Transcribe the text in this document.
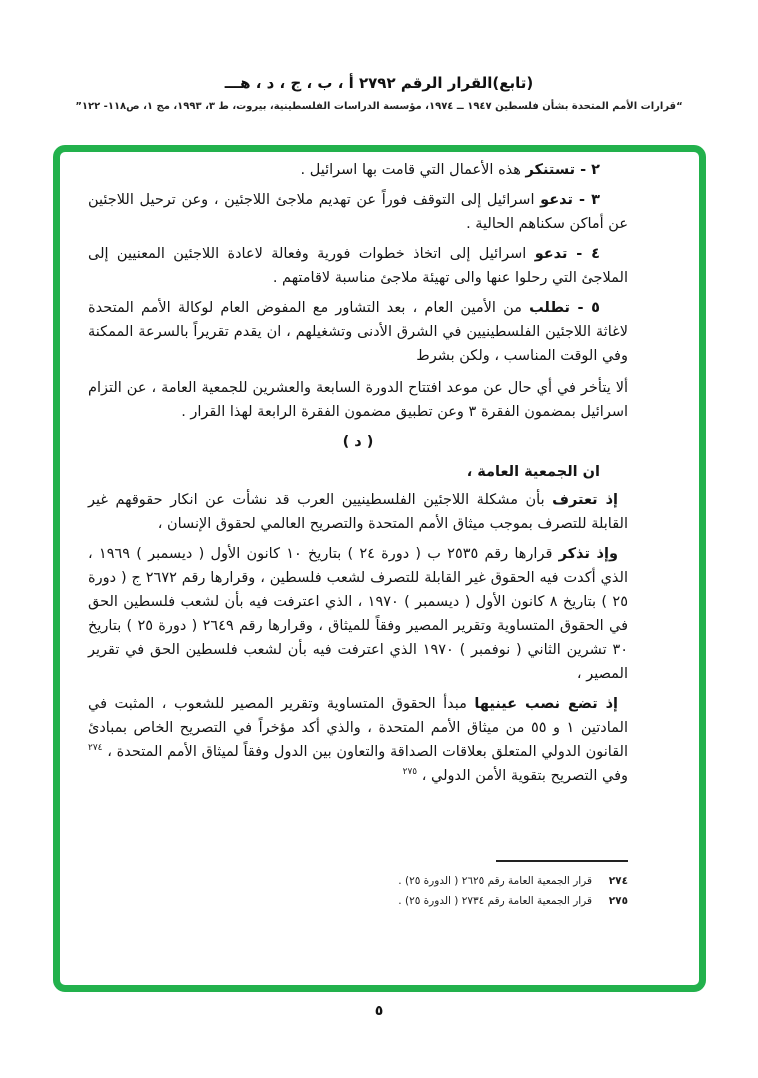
(تابع)القرار الرقم ٢٧٩٢ أ ، ب ، ج ، د ، هـــ
“قرارات الأمم المتحدة بشأن فلسطين ١٩٤٧ ــ ١٩٧٤، مؤسسة الدراسات الفلسطينية، بيروت، ط ٣، ١٩٩٣، مج ١، ص١١٨- ١٢٢”

٢ - تستنكر هذه الأعمال التي قامت بها اسرائيل .

٣ - تدعو اسرائيل إلى التوقف فوراً عن تهديم ملاجئ اللاجئين ، وعن ترحيل اللاجئين عن أماكن سكناهم الحالية .

٤ - تدعو اسرائيل إلى اتخاذ خطوات فورية وفعالة لاعادة اللاجئين المعنيين إلى الملاجئ التي رحلوا عنها والى تهيئة ملاجئ مناسبة لاقامتهم .

٥ - تطلب من الأمين العام ، بعد التشاور مع المفوض العام لوكالة الأمم المتحدة لاغاثة اللاجئين الفلسطينيين في الشرق الأدنى وتشغيلهم ، ان يقدم تقريراً بالسرعة الممكنة وفي الوقت المناسب ، ولكن بشرط

ألا يتأخر في أي حال عن موعد افتتاح الدورة السابعة والعشرين للجمعية العامة ، عن التزام اسرائيل بمضمون الفقرة ٣ وعن تطبيق مضمون الفقرة الرابعة لهذا القرار .

( د )

ان الجمعية العامة ،

إذ تعترف بأن مشكلة اللاجئين الفلسطينيين العرب قد نشأت عن انكار حقوقهم غير القابلة للتصرف بموجب ميثاق الأمم المتحدة والتصريح العالمي لحقوق الإنسان ،

وإذ تذكر قرارها رقم ٢٥٣٥ ب ( دورة ٢٤ ) بتاريخ ١٠ كانون الأول ( ديسمبر ) ١٩٦٩ ، الذي أكدت فيه الحقوق غير القابلة للتصرف لشعب فلسطين ، وقرارها رقم ٢٦٧٢ ج ( دورة ٢٥ ) بتاريخ ٨ كانون الأول ( ديسمبر ) ١٩٧٠ ، الذي اعترفت فيه بأن لشعب فلسطين الحق في الحقوق المتساوية وتقرير المصير وفقاً للميثاق ، وقرارها رقم ٢٦٤٩ ( دورة ٢٥ ) بتاريخ ٣٠ تشرين الثاني ( نوفمبر ) ١٩٧٠ الذي اعترفت فيه بأن لشعب فلسطين الحق في تقرير المصير ،

إذ تضع نصب عينيها مبدأ الحقوق المتساوية وتقرير المصير للشعوب ، المثبت في المادتين ١ و ٥٥ من ميثاق الأمم المتحدة ، والذي أكد مؤخراً في التصريح الخاص بمبادئ القانون الدولي المتعلق بعلاقات الصداقة والتعاون بين الدول وفقاً لميثاق الأمم المتحدة ، $^{٢٧٤}$ وفي التصريح بتقوية الأمن الدولي ، $^{٢٧٥}$

٢٧٤
قرار الجمعية العامة رقم ٢٦٢٥ ( الدورة ٢٥) .
٢٧٥
قرار الجمعية العامة رقم ٢٧٣٤ ( الدورة ٢٥) .
٥
